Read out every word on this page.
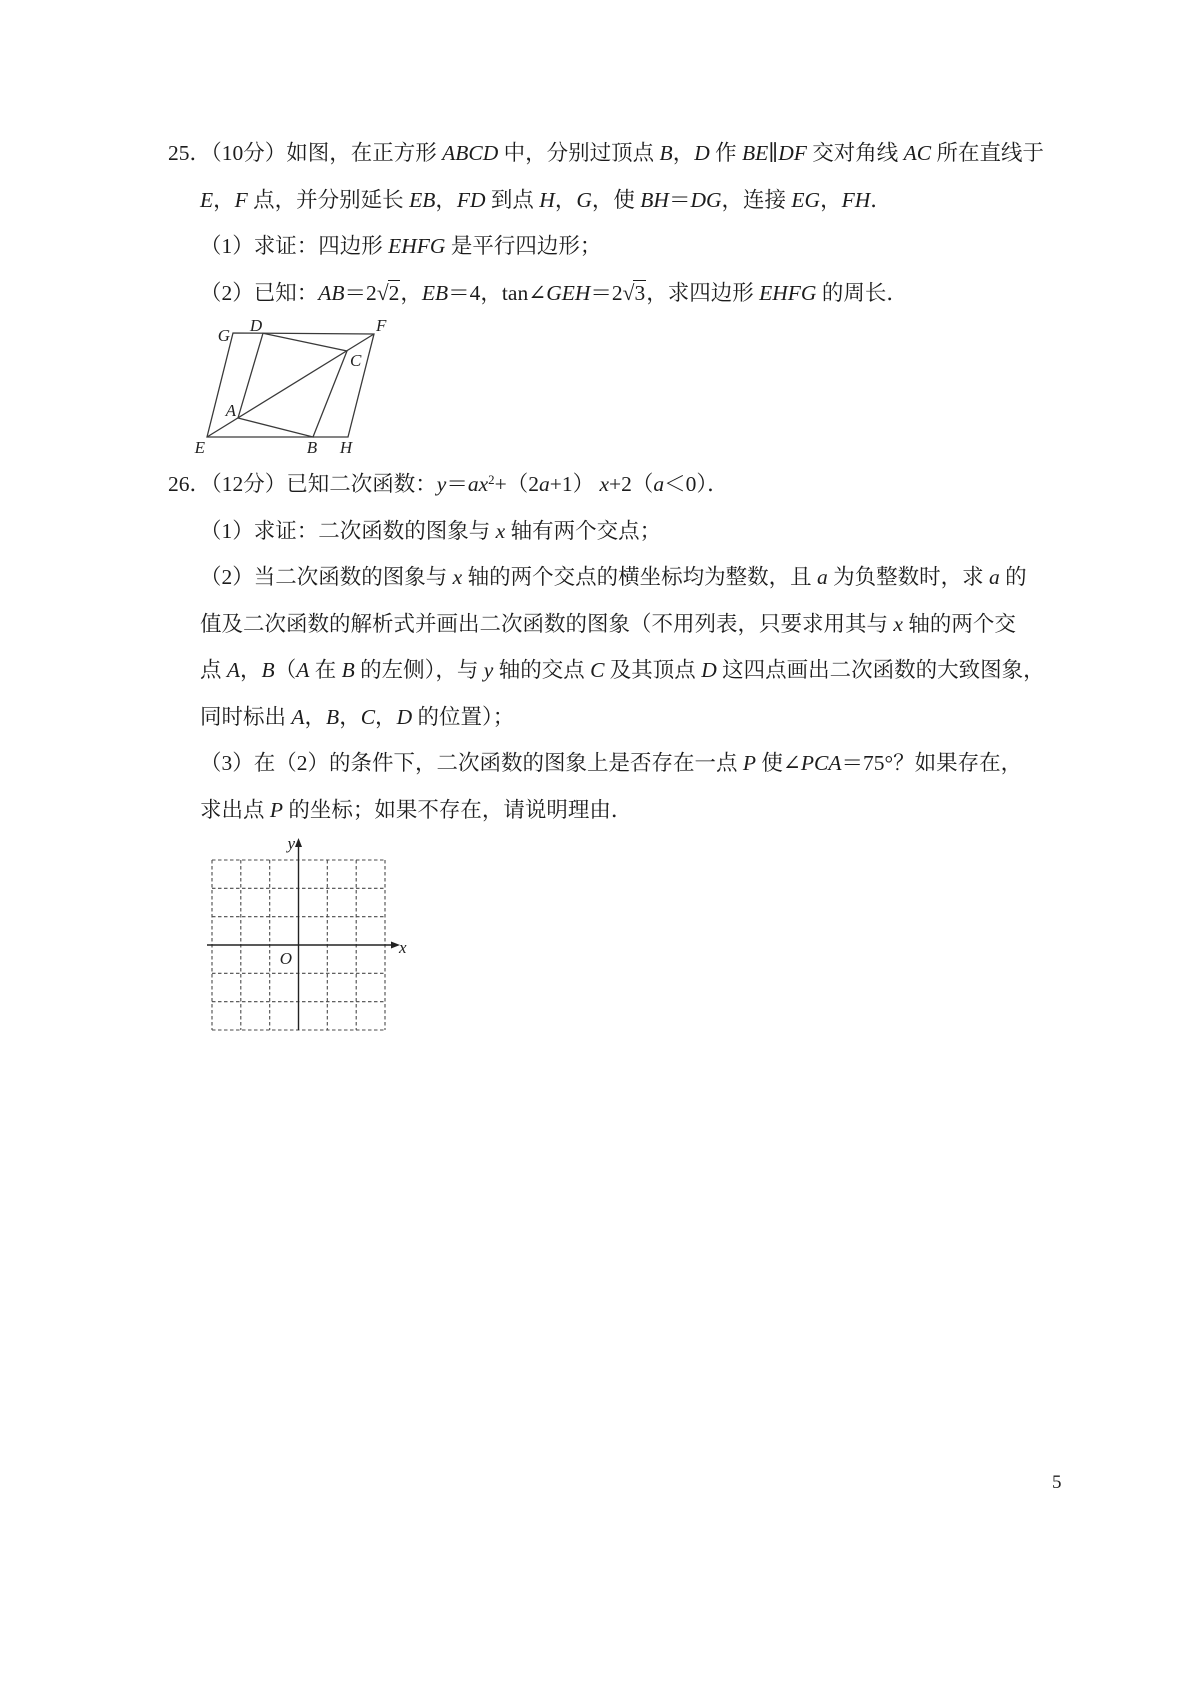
25．（10分）如图，在正方形 ABCD 中，分别过顶点 B，D 作 BE∥DF 交对角线 AC 所在直线于

E，F 点，并分别延长 EB，FD 到点 H，G，使 BH＝DG，连接 EG，FH．

（1）求证：四边形 EHFG 是平行四边形；

（2）已知：AB＝2√2，EB＝4，tan∠GEH＝2√3，求四边形 EHFG 的周长．

G
D	F
C
A
E	B H

26．（12分）已知二次函数：$y=ax^2+(2a+1)$ x+2（a＜0）．

（1）求证：二次函数的图象与 x 轴有两个交点；

（2）当二次函数的图象与 x 轴的两个交点的横坐标均为整数，且 a 为负整数时，求 a 的

值及二次函数的解析式并画出二次函数的图象（不用列表，只要求用其与 x 轴的两个交

点 A，B（A 在 B 的左侧），与 y 轴的交点 C 及其顶点 D 这四点画出二次函数的大致图象，

同时标出 A，B，C，D 的位置）；

（3）在（2）的条件下，二次函数的图象上是否存在一点 P 使∠PCA＝75°？如果存在，

求出点 P 的坐标；如果不存在，请说明理由．

y
x
O
5
